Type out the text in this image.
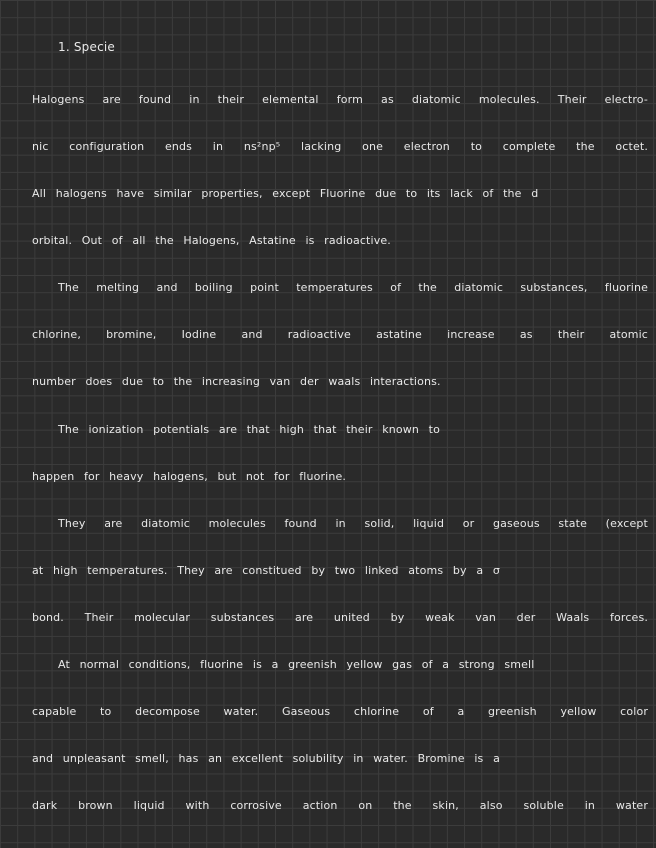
1. Specie
Halogens are found in their elemental form as diatomic molecules. Their electro-
nic configuration ends in ns²np⁵ lacking one electron to complete the octet.
All halogens have similar properties, except Fluorine due to its lack of the d
orbital. Out of all the Halogens, Astatine is radioactive.
The melting and boiling point temperatures of the diatomic substances, fluorine
chlorine, bromine, Iodine and radioactive astatine increase as their atomic
number does due to the increasing van der waals interactions.
The ionization potentials are that high that their known to
happen for heavy halogens, but not for fluorine.
They are diatomic molecules found in solid, liquid or gaseous state (except
at high temperatures. They are constitued by two linked atoms by a σ
bond. Their molecular substances are united by weak van der Waals forces.
At normal conditions, fluorine is a greenish yellow gas of a strong smell
capable to decompose water. Gaseous chlorine of a greenish yellow color
and unpleasant smell, has an excellent solubility in water. Bromine is a
dark brown liquid with corrosive action on the skin, also soluble in water
